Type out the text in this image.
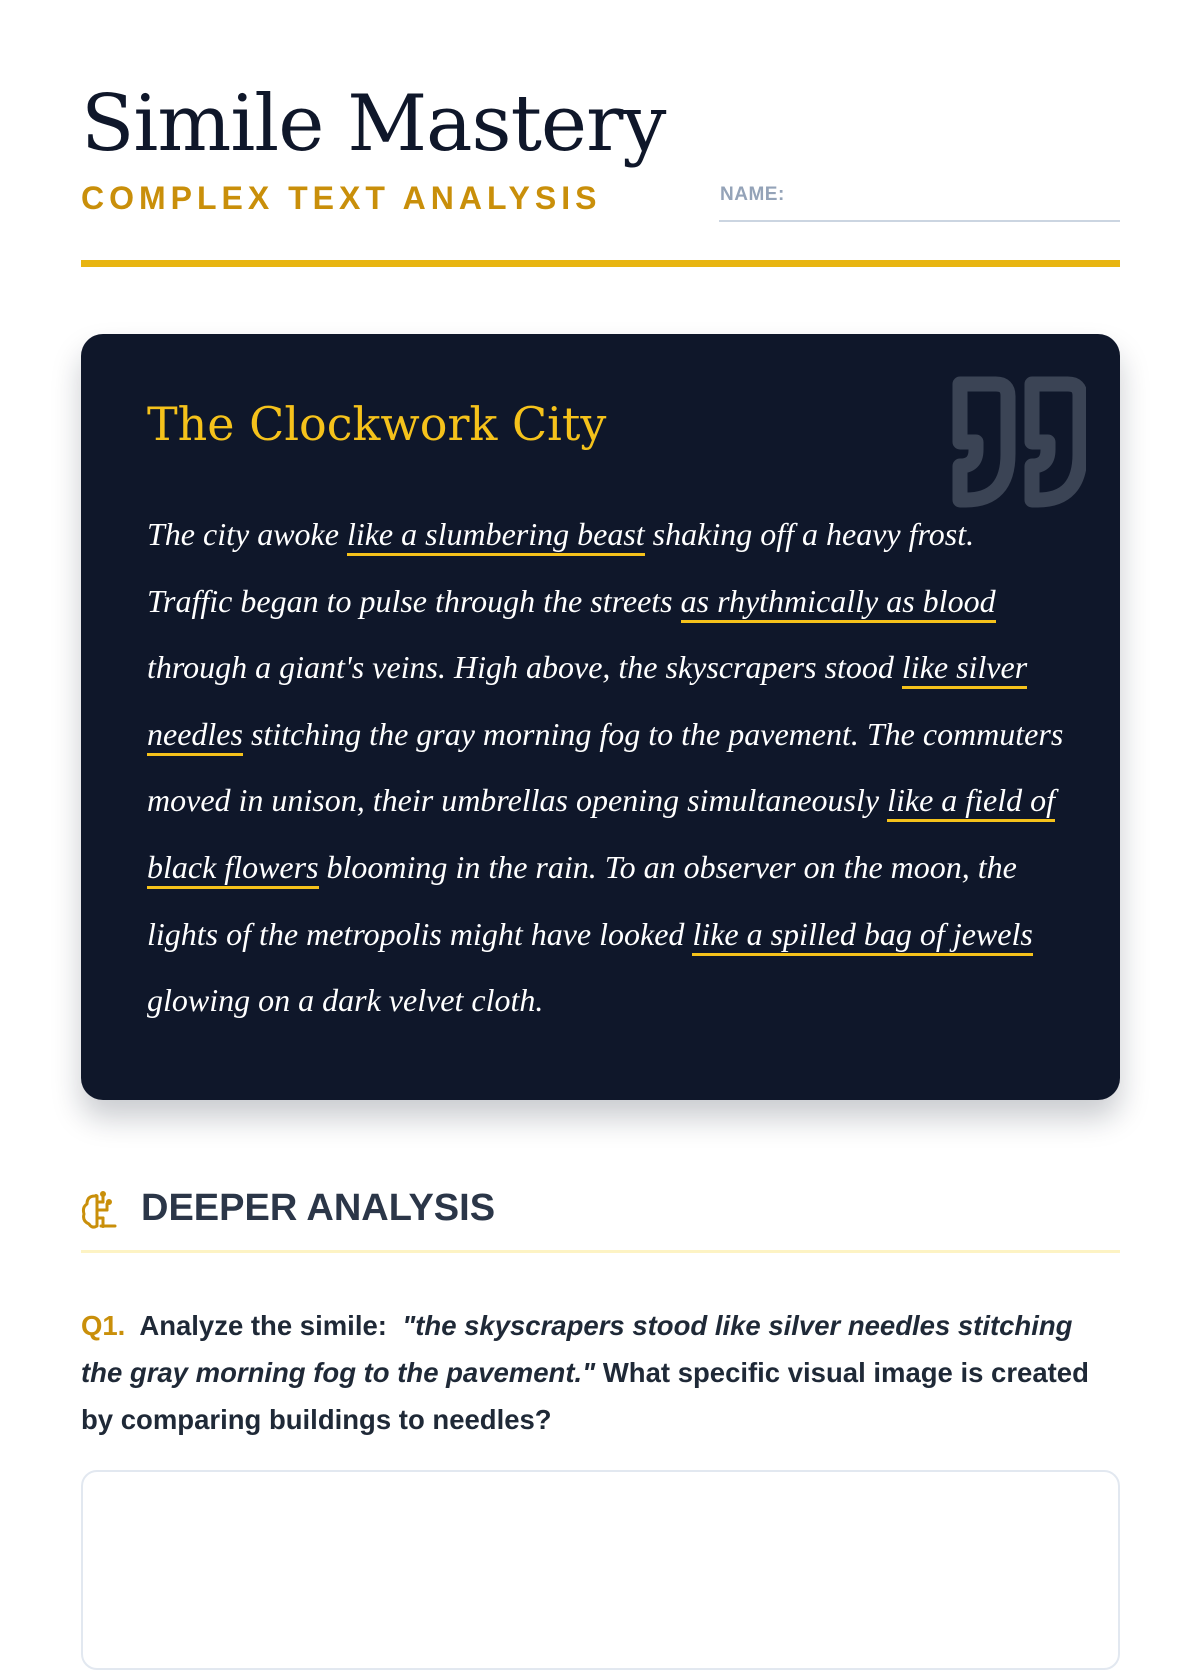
Simile Mastery
COMPLEX TEXT ANALYSIS	NAME:
The Clockwork City

The city awoke like a slumbering beast shaking off a heavy frost. Traffic began to pulse through the streets as rhythmically as blood through a giant's veins. High above, the skyscrapers stood like silver needles stitching the gray morning fog to the pavement. The commuters moved in unison, their umbrellas opening simultaneously like a field of black flowers blooming in the rain. To an observer on the moon, the lights of the metropolis might have looked like a spilled bag of jewels glowing on a dark velvet cloth.

DEEPER ANALYSIS

Q1. Analyze the simile: "the skyscrapers stood like silver needles stitching the gray morning fog to the pavement." What specific visual image is created by comparing buildings to needles?
